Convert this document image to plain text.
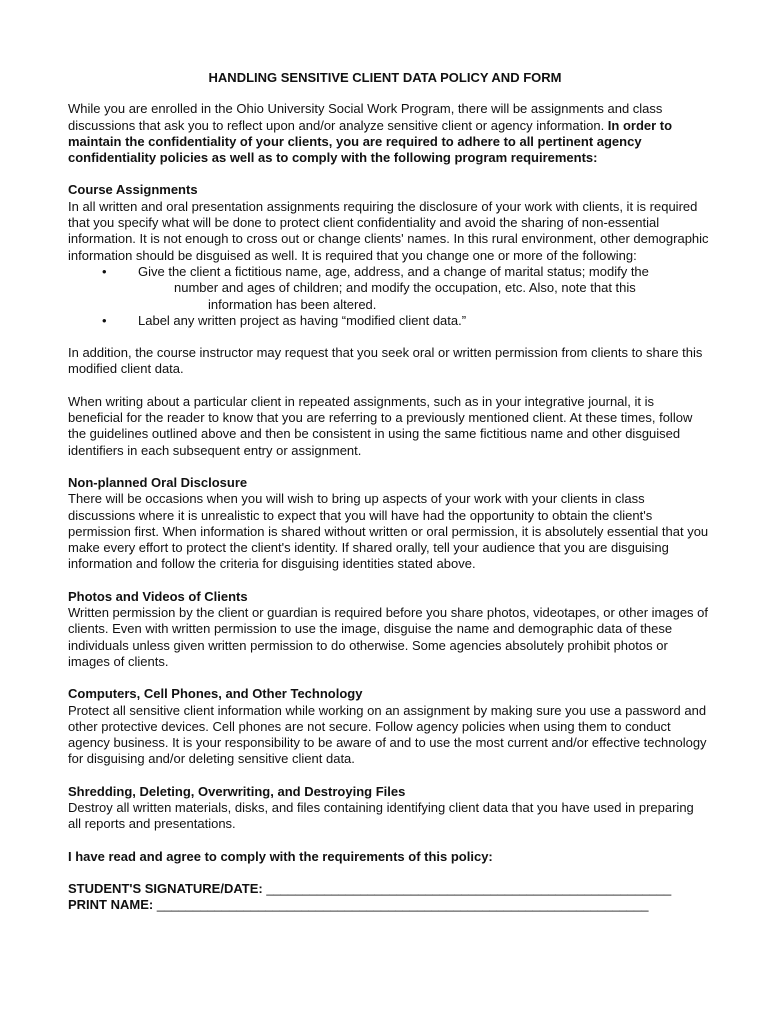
HANDLING SENSITIVE CLIENT DATA POLICY AND FORM

While you are enrolled in the Ohio University Social Work Program, there will be assignments and class discussions that ask you to reflect upon and/or analyze sensitive client or agency information. In order to maintain the confidentiality of your clients, you are required to adhere to all pertinent agency confidentiality policies as well as to comply with the following program requirements:

Course Assignments

In all written and oral presentation assignments requiring the disclosure of your work with clients, it is required that you specify what will be done to protect client confidentiality and avoid the sharing of non-essential information. It is not enough to cross out or change clients' names. In this rural environment, other demographic information should be disguised as well. It is required that you change one or more of the following:

• Give the client a fictitious name, age, address, and a change of marital status; modify the
number and ages of children; and modify the occupation, etc. Also, note that this
information has been altered.
• Label any written project as having “modified client data.”

In addition, the course instructor may request that you seek oral or written permission from clients to share this modified client data.

When writing about a particular client in repeated assignments, such as in your integrative journal, it is beneficial for the reader to know that you are referring to a previously mentioned client. At these times, follow the guidelines outlined above and then be consistent in using the same fictitious name and other disguised identifiers in each subsequent entry or assignment.

Non-planned Oral Disclosure

There will be occasions when you will wish to bring up aspects of your work with your clients in class discussions where it is unrealistic to expect that you will have had the opportunity to obtain the client's permission first. When information is shared without written or oral permission, it is absolutely essential that you make every effort to protect the client's identity. If shared orally, tell your audience that you are disguising information and follow the criteria for disguising identities stated above.

Photos and Videos of Clients

Written permission by the client or guardian is required before you share photos, videotapes, or other images of clients. Even with written permission to use the image, disguise the name and demographic data of these individuals unless given written permission to do otherwise. Some agencies absolutely prohibit photos or images of clients.

Computers, Cell Phones, and Other Technology

Protect all sensitive client information while working on an assignment by making sure you use a password and other protective devices. Cell phones are not secure. Follow agency policies when using them to conduct agency business. It is your responsibility to be aware of and to use the most current and/or effective technology for disguising and/or deleting sensitive client data.

Shredding, Deleting, Overwriting, and Destroying Files

Destroy all written materials, disks, and files containing identifying client data that you have used in preparing all reports and presentations.

I have read and agree to comply with the requirements of this policy:

STUDENT'S SIGNATURE/DATE: ________________________________________________________
PRINT NAME: ____________________________________________________________________
